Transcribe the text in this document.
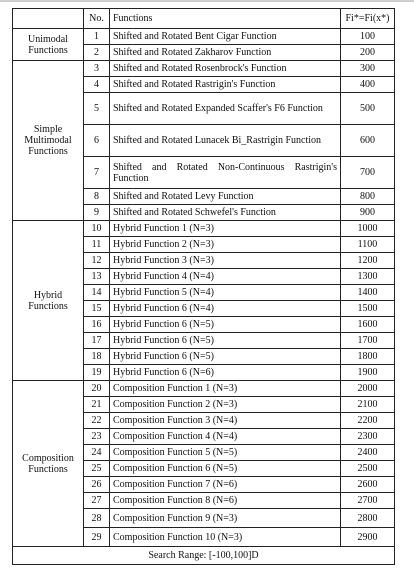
	No.	Functions	Fi*=Fi(x*)
Unimodal Functions	1	Shifted and Rotated Bent Cigar Function	100
	2	Shifted and Rotated Zakharov Function	200
Simple Multimodal Functions	3	Shifted and Rotated Rosenbrock's Function	300
	4	Shifted and Rotated Rastrigin's Function	400
	5	Shifted and Rotated Expanded Scaffer's F6 Function	500
	6	Shifted and Rotated Lunacek Bi_Rastrigin Function	600
	7	Shifted and Rotated Non-Continuous Rastrigin's Function	700
	8	Shifted and Rotated Levy Function	800
	9	Shifted and Rotated Schwefel's Function	900
Hybrid Functions	10	Hybrid Function 1 (N=3)	1000
	11	Hybrid Function 2 (N=3)	1100
	12	Hybrid Function 3 (N=3)	1200
	13	Hybrid Function 4 (N=4)	1300
	14	Hybrid Function 5 (N=4)	1400
	15	Hybrid Function 6 (N=4)	1500
	16	Hybrid Function 6 (N=5)	1600
	17	Hybrid Function 6 (N=5)	1700
	18	Hybrid Function 6 (N=5)	1800
	19	Hybrid Function 6 (N=6)	1900
Composition Functions	20	Composition Function 1 (N=3)	2000
	21	Composition Function 2 (N=3)	2100
	22	Composition Function 3 (N=4)	2200
	23	Composition Function 4 (N=4)	2300
	24	Composition Function 5 (N=5)	2400
	25	Composition Function 6 (N=5)	2500
	26	Composition Function 7 (N=6)	2600
	27	Composition Function 8 (N=6)	2700
	28	Composition Function 9 (N=3)	2800
	29	Composition Function 10 (N=3)	2900
Search Range: [-100,100]D			
